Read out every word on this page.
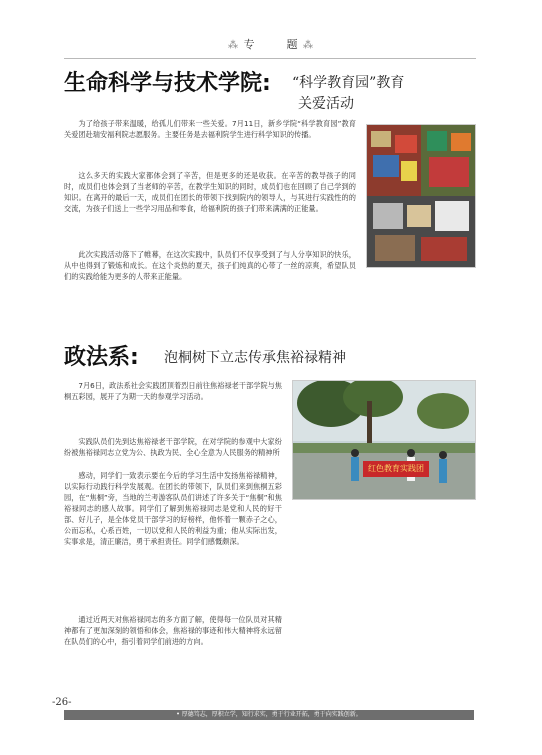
⁂ 专	题 ⁂
生命科学与技术学院: “科学教育园”教育
关爱活动

为了给孩子带来温暖，给孤儿们带来一些关爱。7月11日，新乡学院“科学教育园”教育关爱团赴瑞安福利院志愿服务。主要任务是去福利院学生进行科学知识的传播。

这么多天的实践大家都体会到了辛苦，但是更多的还是收获。在辛苦的教导孩子的同时，成员们也体会到了当老师的辛苦，在教学生知识的同时，成员们也在回顾了自己学到的知识。在离开的最后一天，成员们在团长的带领下找到院内的领导人，与其进行实践性的的交流，为孩子们送上一些学习用品和零食，给福利院的孩子们带来满满的正能量。

此次实践活动落下了帷幕，在这次实践中，队员们不仅享受到了与人分享知识的快乐，从中也得到了锻炼和成长。在这个炎热的夏天，孩子们纯真的心带了一丝的凉爽，希望队员们的实践给能为更多的人带来正能量。

政法系: 泡桐树下立志传承焦裕禄精神

7月6日，政法系社会实践团顶着烈日前往焦裕禄老干部学院与焦桐五彩园，展开了为期一天的参观学习活动。

实践队员们先到达焦裕禄老干部学院，在对学院的参观中大家纷纷被焦裕禄同志立党为公、执政为民、全心全意为人民服务的精神所

感动，同学们一致表示要在今后的学习生活中发扬焦裕禄精神，以实际行动践行科学发展观。在团长的带领下，队员们来到焦桐五彩园，在“焦桐”旁，当地的兰考游客队员们讲述了许多关于“焦桐”和焦裕禄同志的感人故事。同学们了解到焦裕禄同志是党和人民的好干部、好儿子，是全体党员干部学习的好榜样，他怀着一颗赤子之心，公而忘私，心系百姓，一切以党和人民的利益为重；他从实际出发，实事求是，清正廉洁，勇于承担责任。同学们感慨颇深。

通过近两天对焦裕禄同志的多方面了解，使得每一位队员对其精神都有了更加深刻的领悟和体会，焦裕禄的事迹和伟大精神将永远留在队员们的心中，指引着同学们前进的方向。

红色教育实践团
-26-
• 厚德笃志，厚积立学，知行求实，勇于行业开拓，勇于向实践创新。
